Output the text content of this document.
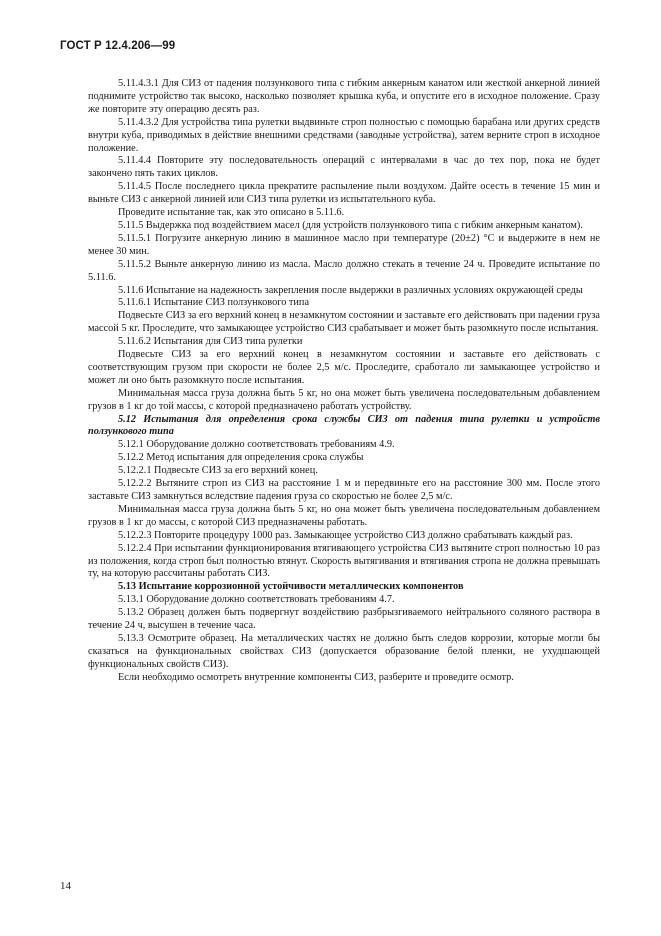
ГОСТ Р 12.4.206—99

5.11.4.3.1 Для СИЗ от падения ползункового типа с гибким анкерным канатом или жесткой анкерной линией поднимите устройство так высоко, насколько позволяет крышка куба, и опустите его в исходное положение. Сразу же повторите эту операцию десять раз.

5.11.4.3.2 Для устройства типа рулетки выдвиньте строп полностью с помощью барабана или других средств внутри куба, приводимых в действие внешними средствами (заводные устройства), затем верните строп в исходное положение.

5.11.4.4 Повторите эту последовательность операций с интервалами в час до тех пор, пока не будет закончено пять таких циклов.

5.11.4.5 После последнего цикла прекратите распыление пыли воздухом. Дайте осесть в течение 15 мин и выньте СИЗ с анкерной линией или СИЗ типа рулетки из испытательного куба.

Проведите испытание так, как это описано в 5.11.6.

5.11.5 Выдержка под воздействием масел (для устройств ползункового типа с гибким анкерным канатом).

5.11.5.1 Погрузите анкерную линию в машинное масло при температуре (20±2) °С и выдержите в нем не менее 30 мин.

5.11.5.2 Выньте анкерную линию из масла. Масло должно стекать в течение 24 ч. Проведите испытание по 5.11.6.

5.11.6 Испытание на надежность закрепления после выдержки в различных условиях окружающей среды

5.11.6.1 Испытание СИЗ ползункового типа

Подвесьте СИЗ за его верхний конец в незамкнутом состоянии и заставьте его действовать при падении груза массой 5 кг. Проследите, что замыкающее устройство СИЗ срабатывает и может быть разомкнуто после испытания.

5.11.6.2 Испытания для СИЗ типа рулетки

Подвесьте СИЗ за его верхний конец в незамкнутом состоянии и заставьте его действовать с соответствующим грузом при скорости не более 2,5 м/с. Проследите, сработало ли замыкающее устройство и может ли оно быть разомкнуто после испытания.

Минимальная масса груза должна быть 5 кг, но она может быть увеличена последовательным добавлением грузов в 1 кг до той массы, с которой предназначено работать устройству.

5.12 Испытания для определения срока службы СИЗ от падения типа рулетки и устройств ползункового типа

5.12.1 Оборудование должно соответствовать требованиям 4.9.

5.12.2 Метод испытания для определения срока службы

5.12.2.1 Подвесьте СИЗ за его верхний конец.

5.12.2.2 Вытяните строп из СИЗ на расстояние 1 м и передвиньте его на расстояние 300 мм. После этого заставьте СИЗ замкнуться вследствие падения груза со скоростью не более 2,5 м/с.

Минимальная масса груза должна быть 5 кг, но она может быть увеличена последовательным добавлением грузов в 1 кг до массы, с которой СИЗ предназначены работать.

5.12.2.3 Повторите процедуру 1000 раз. Замыкающее устройство СИЗ должно срабатывать каждый раз.

5.12.2.4 При испытании функционирования втягивающего устройства СИЗ вытяните строп полностью 10 раз из положения, когда строп был полностью втянут. Скорость вытягивания и втягивания стропа не должна превышать ту, на которую рассчитаны работать СИЗ.

5.13 Испытание коррозионной устойчивости металлических компонентов

5.13.1 Оборудование должно соответствовать требованиям 4.7.

5.13.2 Образец должен быть подвергнут воздействию разбрызгиваемого нейтрального соляного раствора в течение 24 ч, высушен в течение часа.

5.13.3 Осмотрите образец. На металлических частях не должно быть следов коррозии, которые могли бы сказаться на функциональных свойствах СИЗ (допускается образование белой пленки, не ухудшающей функциональных свойств СИЗ).

Если необходимо осмотреть внутренние компоненты СИЗ, разберите и проведите осмотр.

14
